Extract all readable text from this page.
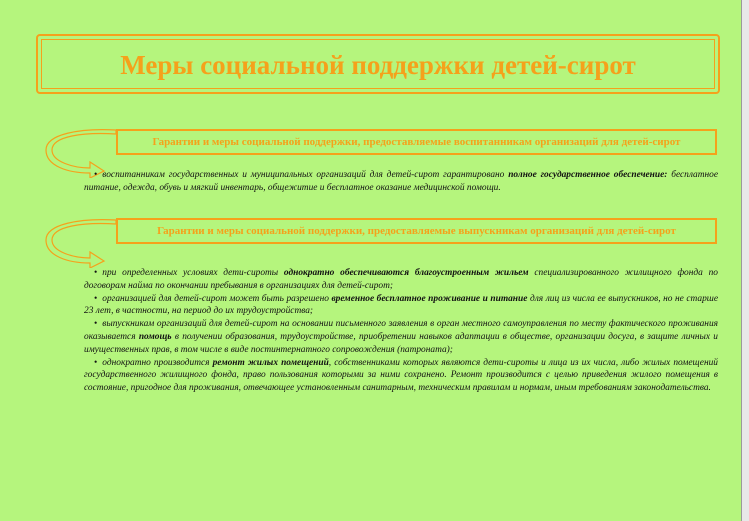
Меры социальной поддержки детей-сирот
Гарантии и меры социальной поддержки, предоставляемые воспитанникам организаций для детей-сирот

• воспитанникам государственных и муниципальных организаций для детей-сирот гарантировано полное государственное обеспечение: бесплатное питание, одежда, обувь и мягкий инвентарь, общежитие и бесплатное оказание медицинской помощи.

Гарантии и меры социальной поддержки, предоставляемые выпускникам организаций для детей-сирот

• при определенных условиях дети-сироты однократно обеспечиваются благоустроенным жильем специализированного жилищного фонда по договорам найма по окончании пребывания в организациях для детей-сирот;

• организацией для детей-сирот может быть разрешено временное бесплатное проживание и питание для лиц из числа ее выпускников, но не старше 23 лет, в частности, на период до их трудоустройства;

• выпускникам организаций для детей-сирот на основании письменного заявления в орган местного самоуправления по месту фактического проживания оказывается помощь в получении образования, трудоустройстве, приобретении навыков адаптации в обществе, организации досуга, в защите личных и имущественных прав, в том числе в виде постинтернатного сопровождения (патроната);

• однократно производится ремонт жилых помещений, собственниками которых являются дети-сироты и лица из их числа, либо жилых помещений государственного жилищного фонда, право пользования которыми за ними сохранено. Ремонт производится с целью приведения жилого помещения в состояние, пригодное для проживания, отвечающее установленным санитарным, техническим правилам и нормам, иным требованиям законодательства.
